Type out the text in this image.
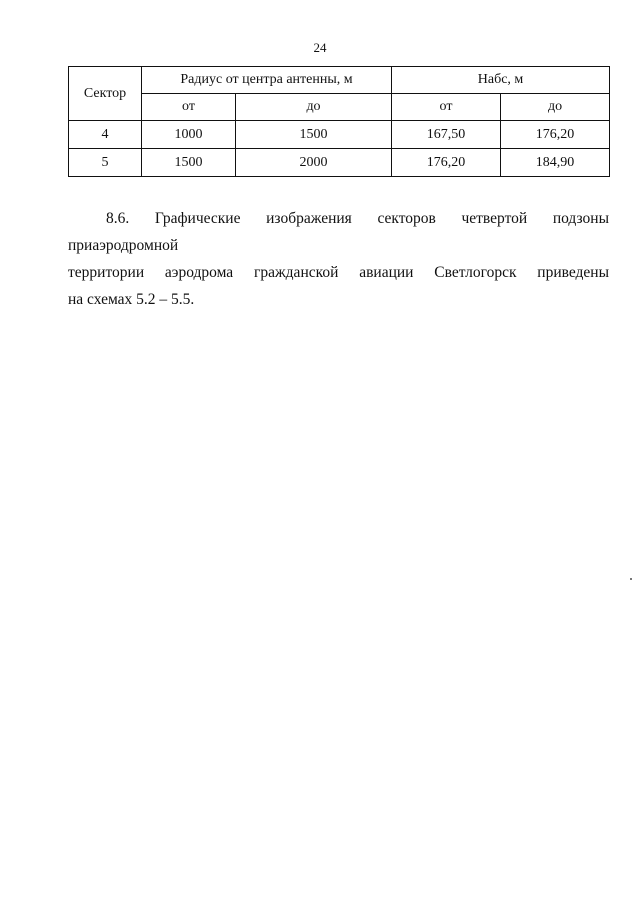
24
Сектор	Радиус от центра антенны, м		Набс, м	
	от	до	от	до
4	1000	1500	167,50	176,20
5	1500	2000	176,20	184,90
8.6. Графические изображения секторов четвертой подзоны приаэродромной
территории аэродрома гражданской авиации Светлогорск приведены
на схемах 5.2 – 5.5.
